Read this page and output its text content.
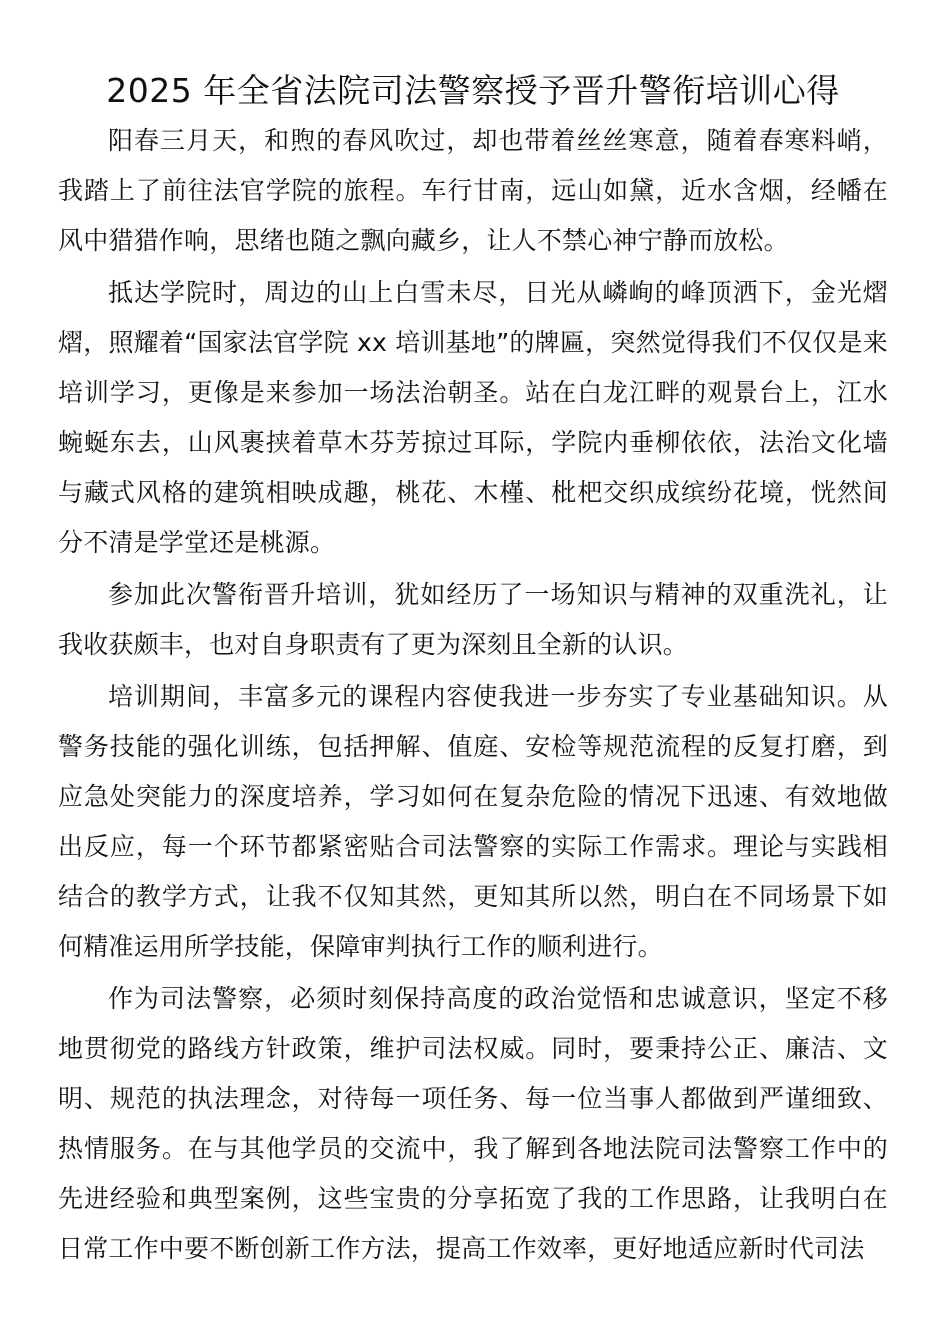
2025 年全省法院司法警察授予晋升警衔培训心得

阳春三月天，和煦的春风吹过，却也带着丝丝寒意，随着春寒料峭，我踏上了前往法官学院的旅程。车行甘南，远山如黛，近水含烟，经幡在风中猎猎作响，思绪也随之飘向藏乡，让人不禁心神宁静而放松。

抵达学院时，周边的山上白雪未尽，日光从嶙峋的峰顶洒下，金光熠熠，照耀着“国家法官学院 xx 培训基地”的牌匾，突然觉得我们不仅仅是来培训学习，更像是来参加一场法治朝圣。站在白龙江畔的观景台上，江水蜿蜒东去，山风裹挟着草木芬芳掠过耳际，学院内垂柳依依，法治文化墙与藏式风格的建筑相映成趣，桃花、木槿、枇杷交织成缤纷花境，恍然间分不清是学堂还是桃源。

参加此次警衔晋升培训，犹如经历了一场知识与精神的双重洗礼，让我收获颇丰，也对自身职责有了更为深刻且全新的认识。

培训期间，丰富多元的课程内容使我进一步夯实了专业基础知识。从警务技能的强化训练，包括押解、值庭、安检等规范流程的反复打磨，到应急处突能力的深度培养，学习如何在复杂危险的情况下迅速、有效地做出反应，每一个环节都紧密贴合司法警察的实际工作需求。理论与实践相结合的教学方式，让我不仅知其然，更知其所以然，明白在不同场景下如何精准运用所学技能，保障审判执行工作的顺利进行。

作为司法警察，必须时刻保持高度的政治觉悟和忠诚意识，坚定不移地贯彻党的路线方针政策，维护司法权威。同时，要秉持公正、廉洁、文明、规范的执法理念，对待每一项任务、每一位当事人都做到严谨细致、热情服务。在与其他学员的交流中，我了解到各地法院司法警察工作中的先进经验和典型案例，这些宝贵的分享拓宽了我的工作思路，让我明白在日常工作中要不断创新工作方法，提高工作效率，更好地适应新时代司法
